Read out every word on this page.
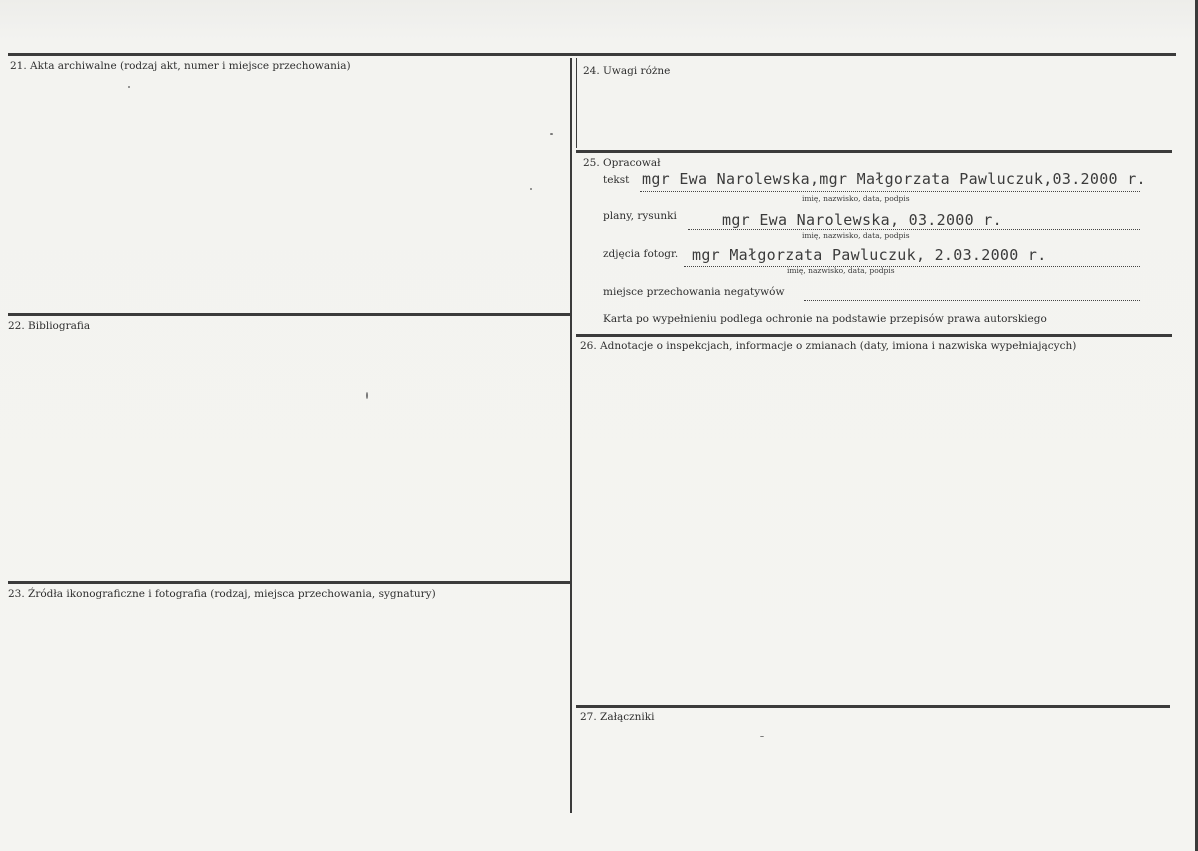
21. Akta archiwalne (rodzaj akt, numer i miejsce przechowania)
22. Bibliografia
23. Źródła ikonograficzne i fotografia (rodzaj, miejsca przechowania, sygnatury)
24. Uwagi różne
25. Opracował
tekst mgr Ewa Narolewska,mgr Małgorzata Pawluczuk,03.2000 r.
imię, nazwisko, data, podpis
plany, rysunki	mgr Ewa Narolewska, 03.2000 r.
imię, nazwisko, data, podpis
zdjęcia fotogr. mgr Małgorzata Pawluczuk, 2.03.2000 r.
imię, nazwisko, data, podpis
miejsce przechowania negatywów
Karta po wypełnieniu podlega ochronie na podstawie przepisów prawa autorskiego
26. Adnotacje o inspekcjach, informacje o zmianach (daty, imiona i nazwiska wypełniających)
27. Załączniki
